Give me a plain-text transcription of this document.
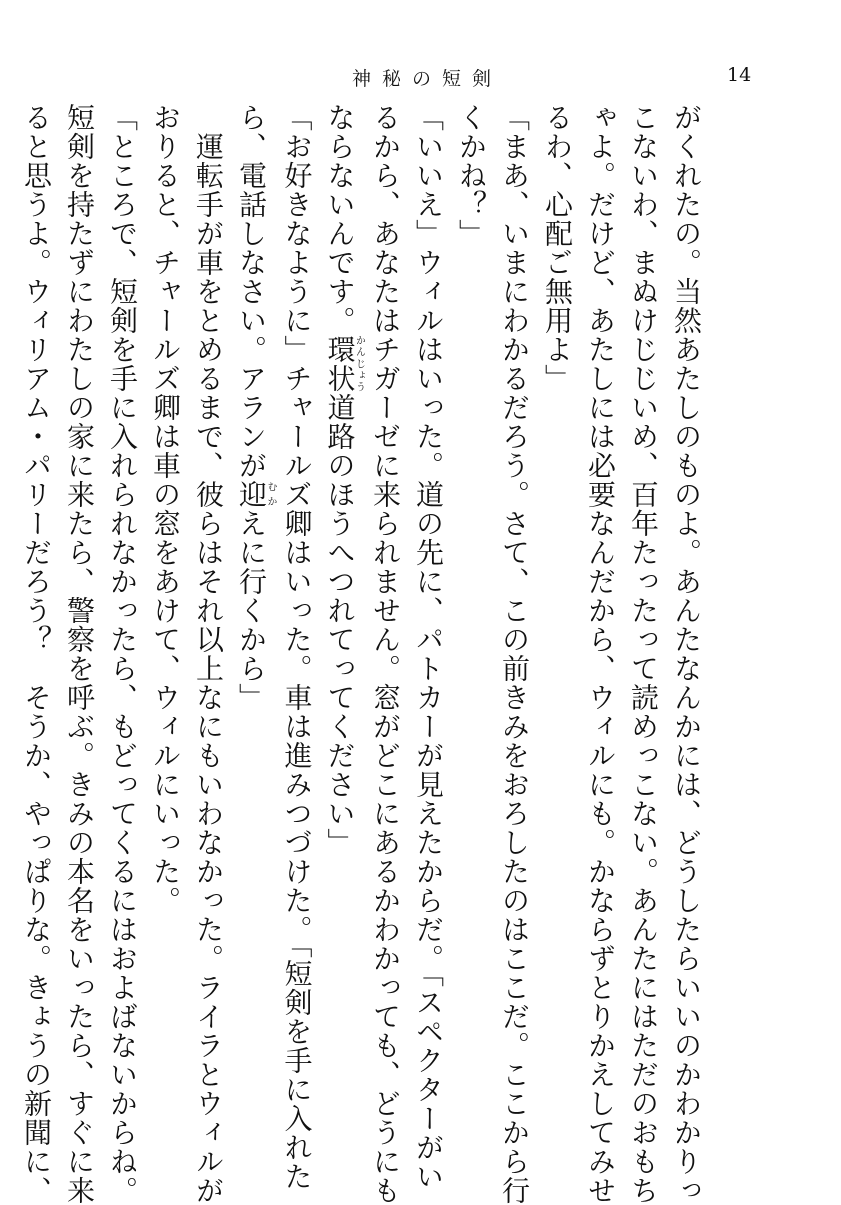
神秘の短剣	14
がくれたの。当然あたしのものよ。あんたなんかには、どうしたらいいのかわかりっ
こないわ、まぬけじじいめ、百年たったって読めっこない。あんたにはただのおもち
ゃよ。だけど、あたしには必要なんだから、ウィルにも。かならずとりかえしてみせ
るわ、心配ご無用よ」
「まあ、いまにわかるだろう。さて、この前きみをおろしたのはここだ。ここから行
くかね？」
「いいえ」ウィルはいった。道の先に、パトカーが見えたからだ。「スペクターがい
るから、あなたはチガーゼに来られません。窓がどこにあるかわかっても、どうにも
ならないんです。環状かんじょう道路のほうへつれてってください」
「お好きなように」チャールズ卿はいった。車は進みつづけた。「短剣を手に入れた
ら、電話しなさい。アランが迎むかえに行くから」
　運転手が車をとめるまで、彼らはそれ以上なにもいわなかった。ライラとウィルが
おりると、チャールズ卿は車の窓をあけて、ウィルにいった。
「ところで、短剣を手に入れられなかったら、もどってくるにはおよばないからね。
短剣を持たずにわたしの家に来たら、警察を呼ぶ。きみの本名をいったら、すぐに来
ると思うよ。ウィリアム・パリーだろう？　そうか、やっぱりな。きょうの新聞に、
